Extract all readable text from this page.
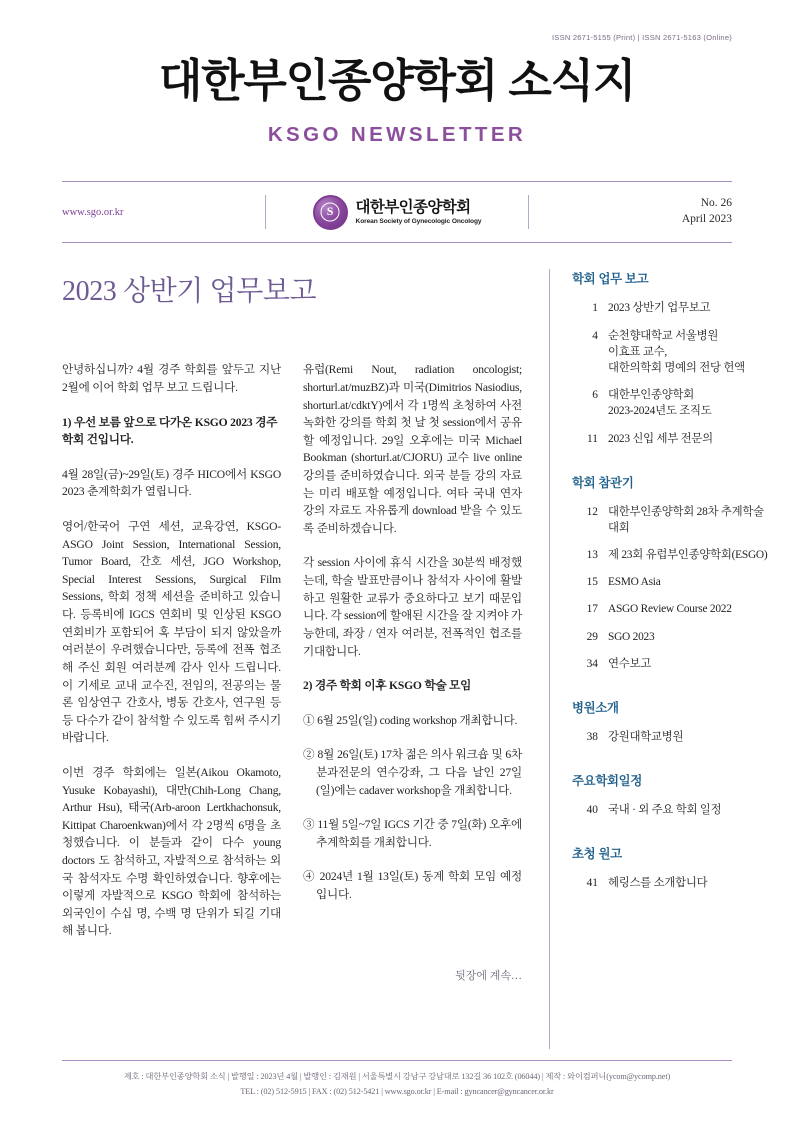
ISSN 2671-5155 (Print) | ISSN 2671-5163 (Online)
대한부인종양학회 소식지
KSGO NEWSLETTER
www.sgo.or.kr	S	대한부인종양학회
Korean Society of Gynecologic Oncology
No. 26
April 2023
2023 상반기 업무보고

안녕하십니까? 4월 경주 학회를 앞두고 지난 2월에 이어 학회 업무 보고 드립니다.

1) 우선 보름 앞으로 다가온 KSGO 2023 경주 학회 건입니다.

4월 28일(금)~29일(토) 경주 HICO에서 KSGO 2023 춘계학회가 열립니다.

영어/한국어 구연 세션, 교육강연, KSGO-ASGO Joint Session, International Session, Tumor Board, 간호 세션, JGO Workshop, Special Interest Sessions, Surgical Film Sessions, 학회 정책 세션을 준비하고 있습니다. 등록비에 IGCS 연회비 및 인상된 KSGO 연회비가 포함되어 혹 부담이 되지 않았을까 여러분이 우려했습니다만, 등록에 전폭 협조해 주신 회원 여러분께 감사 인사 드립니다. 이 기세로 교내 교수진, 전임의, 전공의는 물론 임상연구 간호사, 병동 간호사, 연구원 등등 다수가 같이 참석할 수 있도록 힘써 주시기 바랍니다.

이번 경주 학회에는 일본(Aikou Okamoto, Yusuke Kobayashi), 대만(Chih-Long Chang, Arthur Hsu), 태국(Arb-aroon Lertkhachonsuk, Kittipat Charoenkwan)에서 각 2명씩 6명을 초청했습니다. 이 분들과 같이 다수 young doctors 도 참석하고, 자발적으로 참석하는 외국 참석자도 수명 확인하였습니다. 향후에는 이렇게 자발적으로 KSGO 학회에 참석하는 외국인이 수십 명, 수백 명 단위가 되길 기대해 봅니다.

유럽(Remi Nout, radiation oncologist; shorturl.at/muzBZ)과 미국(Dimitrios Nasiodius, shorturl.at/cdktY)에서 각 1명씩 초청하여 사전 녹화한 강의를 학회 첫 날 첫 session에서 공유할 예정입니다. 29일 오후에는 미국 Michael Bookman (shorturl.at/CJORU) 교수 live online 강의를 준비하였습니다. 외국 분들 강의 자료는 미리 배포할 예정입니다. 여타 국내 연자 강의 자료도 자유롭게 download 받을 수 있도록 준비하겠습니다.

각 session 사이에 휴식 시간을 30분씩 배정했는데, 학술 발표만큼이나 참석자 사이에 활발하고 원활한 교류가 중요하다고 보기 때문입니다. 각 session에 할애된 시간을 잘 지켜야 가능한데, 좌장 / 연자 여러분, 전폭적인 협조를 기대합니다.

2) 경주 학회 이후 KSGO 학술 모임

① 6월 25일(일) coding workshop 개최합니다.

② 8월 26일(토) 17차 젊은 의사 워크숍 및 6차 분과전문의 연수강좌, 그 다음 날인 27일(일)에는 cadaver workshop을 개최합니다.

③ 11월 5일~7일 IGCS 기간 중 7일(화) 오후에 추계학회를 개최합니다.

④ 2024년 1월 13일(토) 동계 학회 모임 예정입니다.

뒷장에 계속…
학회 업무 보고
1 2023 상반기 업무보고
4 순천향대학교 서울병원
이효표 교수,
대한의학회 명예의 전당 헌액
6 대한부인종양학회
2023-2024년도 조직도
11 2023 신입 세부 전문의
학회 참관기
12 대한부인종양학회 28차 추계학술대회
13 제 23회 유럽부인종양학회(ESGO)
15 ESMO Asia
17 ASGO Review Course 2022
29 SGO 2023
34 연수보고
병원소개
38 강원대학교병원
주요학회일정
40 국내 · 외 주요 학회 일정
초청 원고
41 헤링스를 소개합니다
제호 : 대한부인종양학회 소식 | 발행일 : 2023년 4월 | 발행인 : 김재원 | 서울특별시 강남구 강남대로 132길 36 102호 (06044) | 제작 : 와이컴퍼니(ycom@ycomp.net)
TEL : (02) 512-5915 | FAX : (02) 512-5421 | www.sgo.or.kr | E-mail : gyncancer@gyncancer.or.kr
